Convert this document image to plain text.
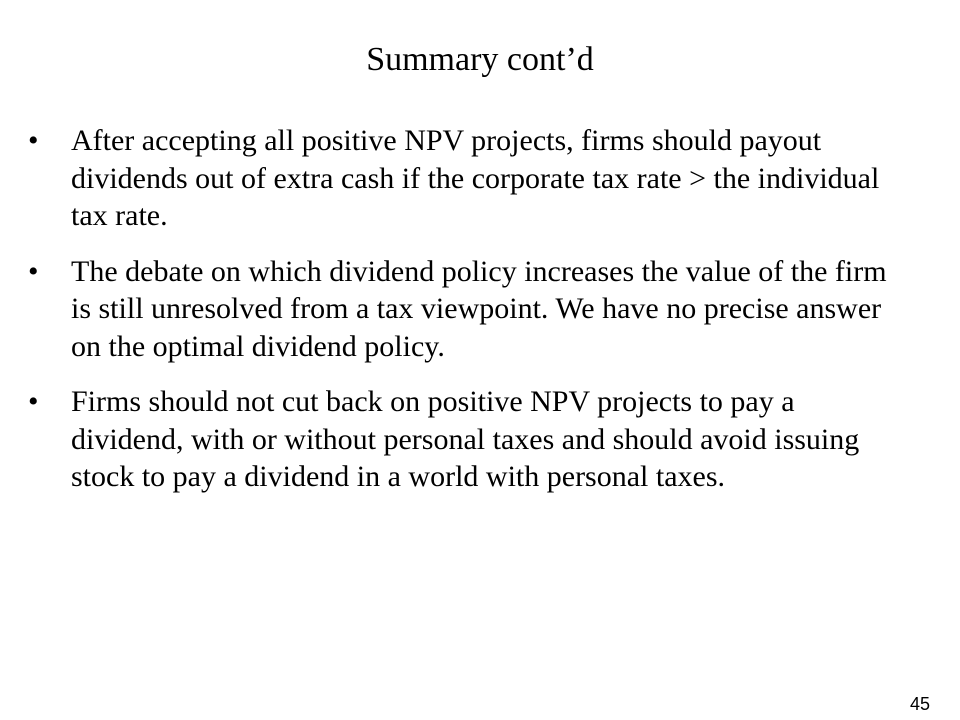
Summary cont’d
•	After accepting all positive NPV projects, firms should payout dividends out of extra cash if the corporate tax rate > the individual tax rate.
•	The debate on which dividend policy increases the value of the firm is still unresolved from a tax viewpoint. We have no precise answer on the optimal dividend policy.
•	Firms should not cut back on positive NPV projects to pay a dividend, with or without personal taxes and should avoid issuing stock to pay a dividend in a world with personal taxes.
45
